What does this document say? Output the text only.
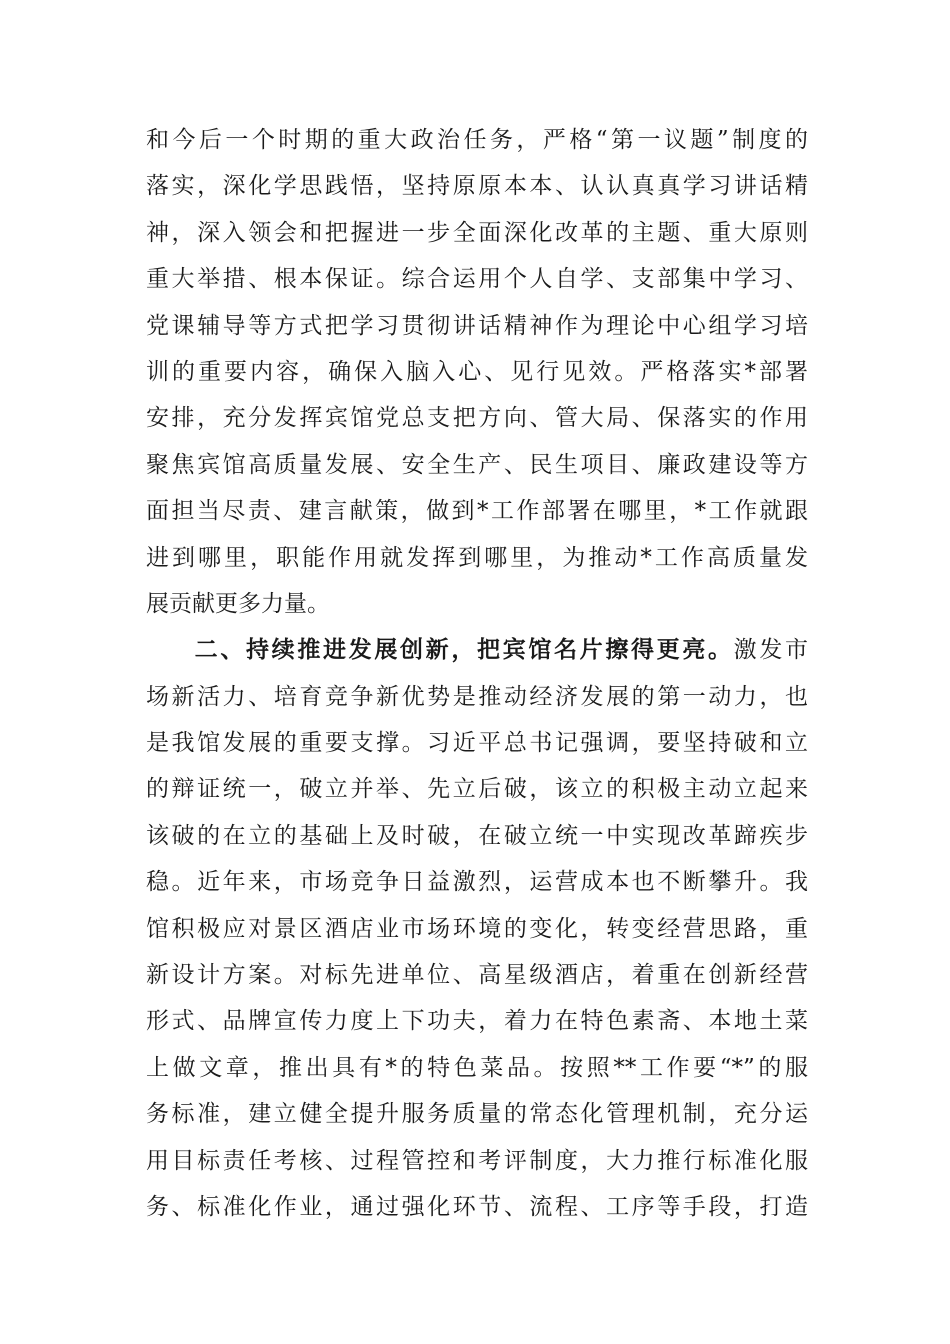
和今后一个时期的重大政治任务，严格“第一议题”制度的
落实，深化学思践悟，坚持原原本本、认认真真学习讲话精
神，深入领会和把握进一步全面深化改革的主题、重大原则
重大举措、根本保证。综合运用个人自学、支部集中学习、
党课辅导等方式把学习贯彻讲话精神作为理论中心组学习培
训的重要内容，确保入脑入心、见行见效。严格落实*部署
安排，充分发挥宾馆党总支把方向、管大局、保落实的作用
聚焦宾馆高质量发展、安全生产、民生项目、廉政建设等方
面担当尽责、建言献策，做到*工作部署在哪里，*工作就跟
进到哪里，职能作用就发挥到哪里，为推动*工作高质量发
展贡献更多力量。
二、持续推进发展创新，把宾馆名片擦得更亮。激发市
场新活力、培育竞争新优势是推动经济发展的第一动力，也
是我馆发展的重要支撑。习近平总书记强调，要坚持破和立
的辩证统一，破立并举、先立后破，该立的积极主动立起来
该破的在立的基础上及时破，在破立统一中实现改革蹄疾步
稳。近年来，市场竞争日益激烈，运营成本也不断攀升。我
馆积极应对景区酒店业市场环境的变化，转变经营思路，重
新设计方案。对标先进单位、高星级酒店，着重在创新经营
形式、品牌宣传力度上下功夫，着力在特色素斋、本地土菜
上做文章，推出具有*的特色菜品。按照**工作要“*”的服
务标准，建立健全提升服务质量的常态化管理机制，充分运
用目标责任考核、过程管控和考评制度，大力推行标准化服
务、标准化作业，通过强化环节、流程、工序等手段，打造
